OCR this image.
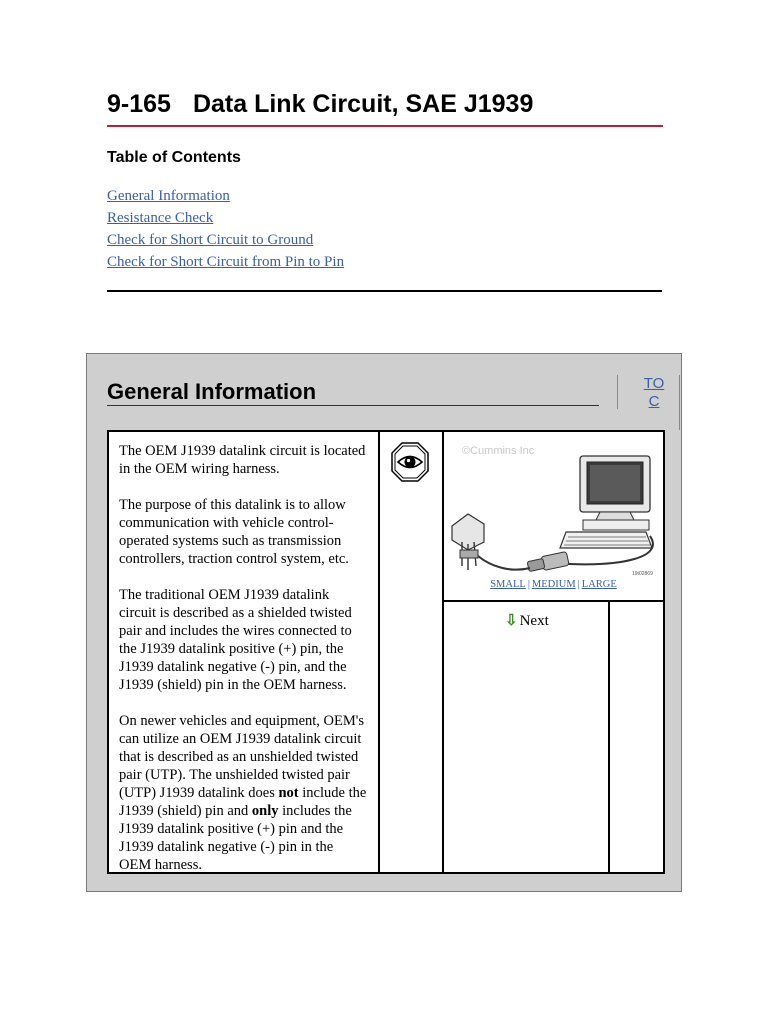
9-165 Data Link Circuit, SAE J1939
Table of Contents
General Information
Resistance Check
Check for Short Circuit to Ground
Check for Short Circuit from Pin to Pin
General Information	TOC

The OEM J1939 datalink circuit is located in the OEM wiring harness.

The purpose of this datalink is to allow communication with vehicle control-operated systems such as transmission controllers, traction control system, etc.

The traditional OEM J1939 datalink circuit is described as a shielded twisted pair and includes the wires connected to the J1939 datalink positive (+) pin, the J1939 datalink negative (-) pin, and the J1939 (shield) pin in the OEM harness.

On newer vehicles and equipment, OEM's can utilize an OEM J1939 datalink circuit that is described as an unshielded twisted pair (UTP). The unshielded twisted pair (UTP) J1939 datalink does not include the J1939 (shield) pin and only includes the J1939 datalink positive (+) pin and the J1939 datalink negative (-) pin in the OEM harness.

©Cummins Inc
19t02869
SMALL | MEDIUM | LARGE
⇩ Next
